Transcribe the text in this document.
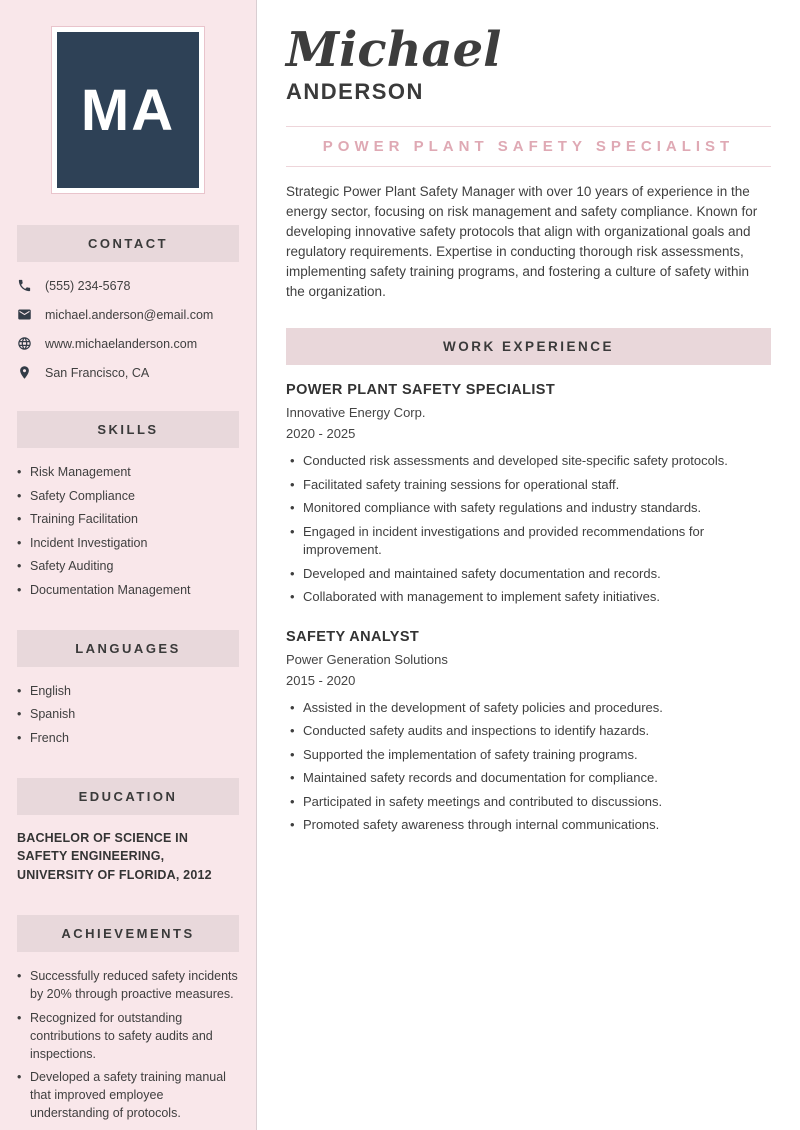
MA
CONTACT
(555) 234-5678
michael.anderson@email.com
www.michaelanderson.com
San Francisco, CA
SKILLS
• Risk Management
• Safety Compliance
• Training Facilitation
• Incident Investigation
• Safety Auditing
• Documentation Management
LANGUAGES
• English
• Spanish
• French
EDUCATION
BACHELOR OF SCIENCE IN SAFETY ENGINEERING, UNIVERSITY OF FLORIDA, 2012
ACHIEVEMENTS
• Successfully reduced safety incidents by 20% through proactive measures.
• Recognized for outstanding contributions to safety audits and inspections.
• Developed a safety training manual that improved employee understanding of protocols.
Michael
ANDERSON
POWER PLANT SAFETY SPECIALIST

Strategic Power Plant Safety Manager with over 10 years of experience in the energy sector, focusing on risk management and safety compliance. Known for developing innovative safety protocols that align with organizational goals and regulatory requirements. Expertise in conducting thorough risk assessments, implementing safety training programs, and fostering a culture of safety within the organization.

WORK EXPERIENCE
POWER PLANT SAFETY SPECIALIST
Innovative Energy Corp.
2020 - 2025
• Conducted risk assessments and developed site-specific safety protocols.
• Facilitated safety training sessions for operational staff.
• Monitored compliance with safety regulations and industry standards.
• Engaged in incident investigations and provided recommendations for improvement.
• Developed and maintained safety documentation and records.
• Collaborated with management to implement safety initiatives.
SAFETY ANALYST
Power Generation Solutions
2015 - 2020
• Assisted in the development of safety policies and procedures.
• Conducted safety audits and inspections to identify hazards.
• Supported the implementation of safety training programs.
• Maintained safety records and documentation for compliance.
• Participated in safety meetings and contributed to discussions.
• Promoted safety awareness through internal communications.
